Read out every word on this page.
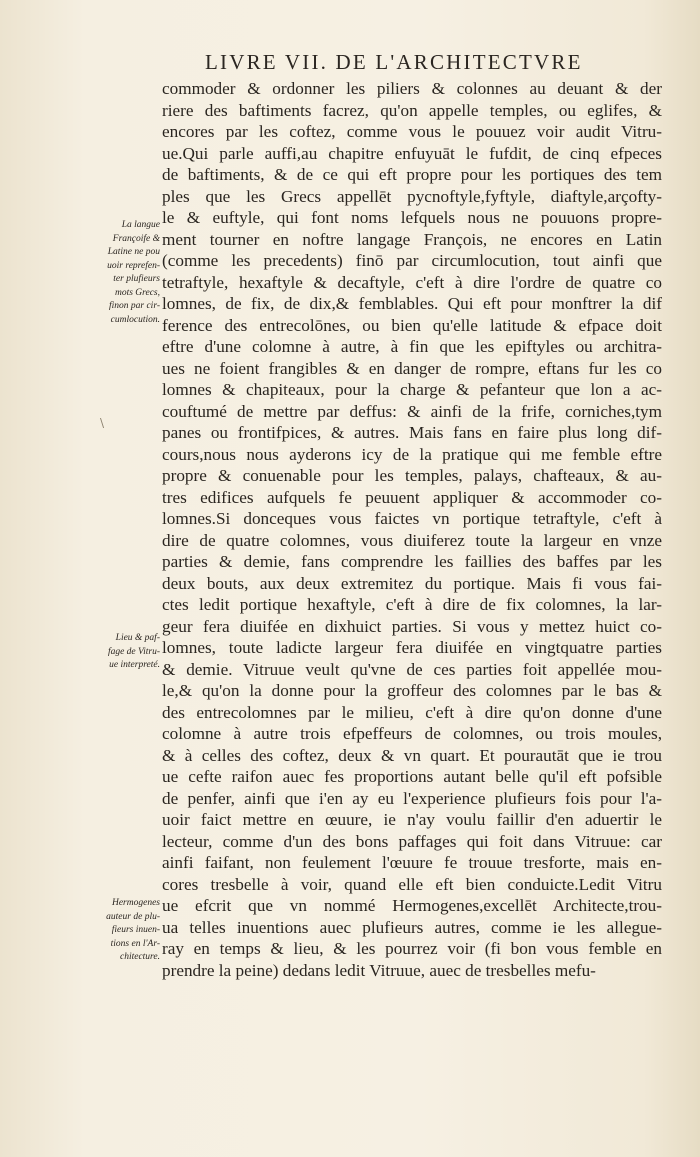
LIVRE VII. DE L'ARCHITECTVRE
commoder & ordonner les piliers & colonnes au deuant & der
riere des baftiments facrez, qu'on appelle temples, ou eglifes, &
encores par les coftez, comme vous le pouuez voir audit Vitru-
ue.Qui parle auffi,au chapitre enfuyuāt le fufdit, de cinq efpeces
de baftiments, & de ce qui eft propre pour les portiques des tem
ples que les Grecs appellēt pycnoftyle,fyftyle, diaftyle,arçofty-
le & euftyle, qui font noms lefquels nous ne pouuons propre-
ment tourner en noftre langage François, ne encores en Latin
(comme les precedents) finō par circumlocution, tout ainfi que
tetraftyle, hexaftyle & decaftyle, c'eft à dire l'ordre de quatre co
lomnes, de fix, de dix,& femblables. Qui eft pour monftrer la dif
ference des entrecolōnes, ou bien qu'elle latitude & efpace doit
eftre d'une colomne à autre, à fin que les epiftyles ou architra-
ues ne foient frangibles & en danger de rompre, eftans fur les co
lomnes & chapiteaux, pour la charge & pefanteur que lon a ac-
couftumé de mettre par deffus: & ainfi de la frife, corniches,tym
panes ou frontifpices, & autres. Mais fans en faire plus long dif-
cours,nous nous ayderons icy de la pratique qui me femble eftre
propre & conuenable pour les temples, palays, chafteaux, & au-
tres edifices aufquels fe peuuent appliquer & accommoder co-
lomnes.Si donceques vous faictes vn portique tetraftyle, c'eft à
dire de quatre colomnes, vous diuiferez toute la largeur en vnze
parties & demie, fans comprendre les faillies des baffes par les
deux bouts, aux deux extremitez du portique. Mais fi vous fai-
ctes ledit portique hexaftyle, c'eft à dire de fix colomnes, la lar-
geur fera diuifée en dixhuict parties. Si vous y mettez huict co-
lomnes, toute ladicte largeur fera diuifée en vingtquatre parties
& demie. Vitruue veult qu'vne de ces parties foit appellée mou-
le,& qu'on la donne pour la groffeur des colomnes par le bas &
des entrecolomnes par le milieu, c'eft à dire qu'on donne d'une
colomne à autre trois efpeffeurs de colomnes, ou trois moules,
& à celles des coftez, deux & vn quart. Et pourautāt que ie trou
ue cefte raifon auec fes proportions autant belle qu'il eft pofsible
de penfer, ainfi que i'en ay eu l'experience plufieurs fois pour l'a-
uoir faict mettre en œuure, ie n'ay voulu faillir d'en aduertir le
lecteur, comme d'un des bons paffages qui foit dans Vitruue: car
ainfi faifant, non feulement l'œuure fe trouue tresforte, mais en-
cores tresbelle à voir, quand elle eft bien conduicte.Ledit Vitru
ue efcrit que vn nommé Hermogenes,excellēt Architecte,trou-
ua telles inuentions auec plufieurs autres, comme ie les allegue-
ray en temps & lieu, & les pourrez voir (fi bon vous femble en
prendre la peine) dedans ledit Vitruue, auec de tresbelles mefu-
La langue
Françoife &
Latine ne pou
uoir reprefen-
ter plufieurs
mots Grecs,
finon par cir-
cumlocution.
Lieu & paf-
fage de Vitru-
ue interpreté.
Hermogenes
auteur de plu-
fieurs inuen-
tions en l'Ar-
chitecture.
\
